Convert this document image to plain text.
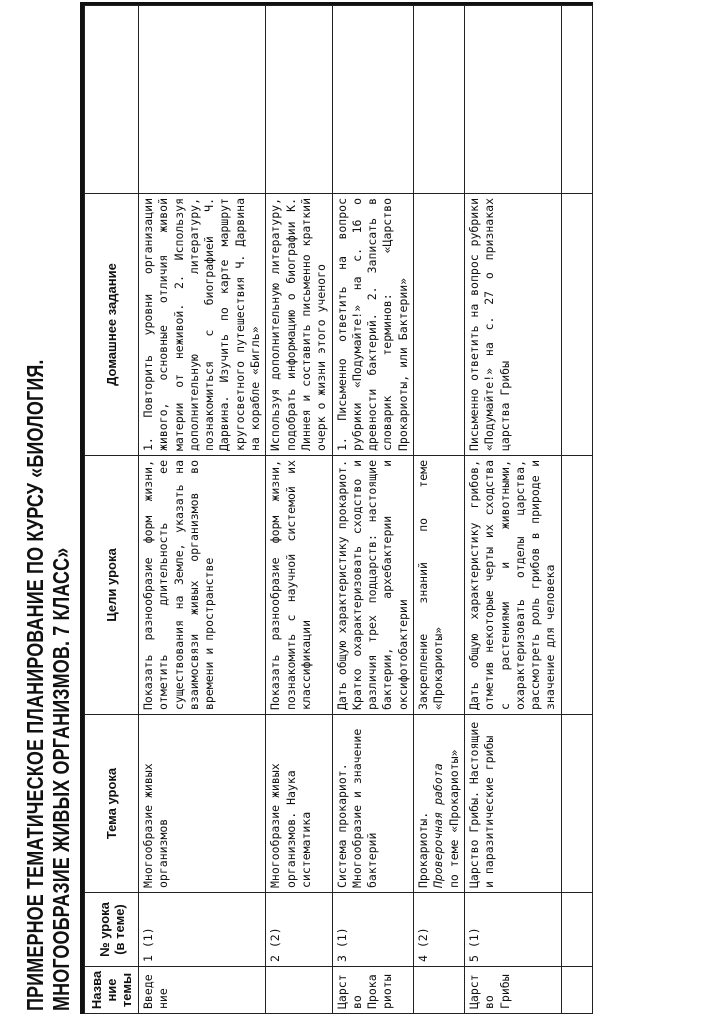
ПРИМЕРНОЕ ТЕМАТИЧЕСКОЕ ПЛАНИРОВАНИЕ ПО КУРСУ «БИОЛОГИЯ. МНОГООБРАЗИЕ ЖИВЫХ ОРГАНИЗМОВ. 7 КЛАСС» Название темы	№ урока (в теме)	Тема урока	Цели урока	Домашнее задание	
Введение	1 (1)	Многообразие живых организмов	Показать разнообразие форм жизни, отметить длительность ее существования на Земле, указать на взаимосвязи живых организмов во времени и пространстве	1. Повторить уровни организации живого, основные отличия живой материи от неживой. 2. Используя дополнительную литературу, познакомиться с биографией Ч. Дарвина. Изучить по карте маршрут кругосветного путешествия Ч. Дарвина на корабле «Бигль»	
	2 (2)	Многообразие живых организмов. Наука систематика	Показать разнообразие форм жизни, познакомить с научной системой их классификации	Используя дополнительную литературу, подобрать информацию о биографии К. Линнея и составить письменно краткий очерк о жизни этого ученого	
Царство Прокариоты	3 (1)	Система прокариот. Многообразие и значение бактерий	Дать общую характеристику прокариот. Кратко охарактеризовать сходство и различия трех подцарств: настоящие бактерии, архебактерии и оксифотобактерии	1. Письменно ответить на вопрос рубрики «Подумайте!» на с. 16 о древности бактерий. 2. Записать в словарик терминов: «Царство Прокариоты, или Бактерии»	
	4 (2)	Прокариоты.
Проверочная работа
по теме «Прокариоты»	Закрепление знаний по теме «Прокариоты»		
Царство Грибы	5 (1)	Царство Грибы. Настоящие и паразитические грибы	Дать общую характеристику грибов, отметив некоторые черты их сходства с растениями и животными, охарактеризовать отделы царства, рассмотреть роль грибов в природе и значение для человека	Письменно ответить на вопрос рубрики «Подумайте!» на с. 27 о признаках царства Грибы	
